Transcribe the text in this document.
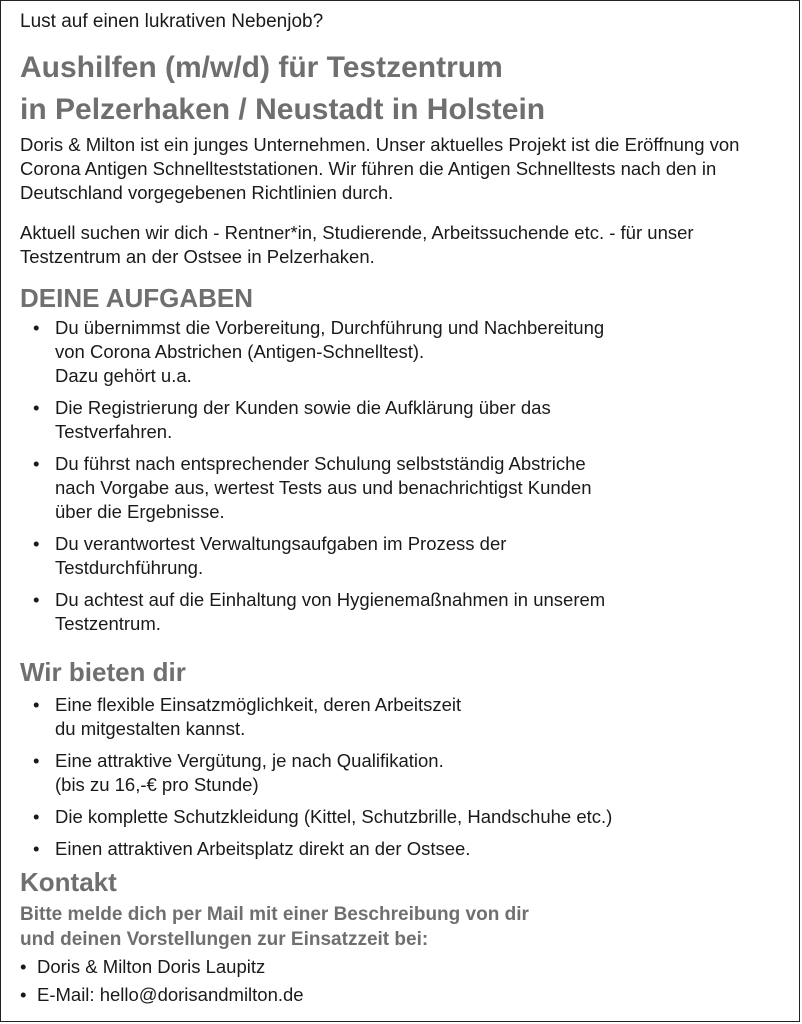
Lust auf einen lukrativen Nebenjob?
Aushilfen (m/w/d) für Testzentrum
in Pelzerhaken / Neustadt in Holstein

Doris & Milton ist ein junges Unternehmen. Unser aktuelles Projekt ist die Eröffnung von Corona Antigen Schnellteststationen. Wir führen die Antigen Schnelltests nach den in Deutschland vorgegebenen Richtlinien durch.

Aktuell suchen wir dich - Rentner*in, Studierende, Arbeitssuchende etc. - für unser Testzentrum an der Ostsee in Pelzerhaken.

DEINE AUFGABEN
• Du übernimmst die Vorbereitung, Durchführung und Nachbereitung
von Corona Abstrichen (Antigen-Schnelltest).
Dazu gehört u.a.
• Die Registrierung der Kunden sowie die Aufklärung über das
Testverfahren.
• Du führst nach entsprechender Schulung selbstständig Abstriche
nach Vorgabe aus, wertest Tests aus und benachrichtigst Kunden
über die Ergebnisse.
• Du verantwortest Verwaltungsaufgaben im Prozess der
Testdurchführung.
• Du achtest auf die Einhaltung von Hygienemaßnahmen in unserem
Testzentrum.
Wir bieten dir
• Eine flexible Einsatzmöglichkeit, deren Arbeitszeit
du mitgestalten kannst.
• Eine attraktive Vergütung, je nach Qualifikation.
(bis zu 16,-€ pro Stunde)
• Die komplette Schutzkleidung (Kittel, Schutzbrille, Handschuhe etc.)
• Einen attraktiven Arbeitsplatz direkt an der Ostsee.
Kontakt

Bitte melde dich per Mail mit einer Beschreibung von dir
und deinen Vorstellungen zur Einsatzzeit bei:

• Doris & Milton Doris Laupitz
• E-Mail: hello@dorisandmilton.de
